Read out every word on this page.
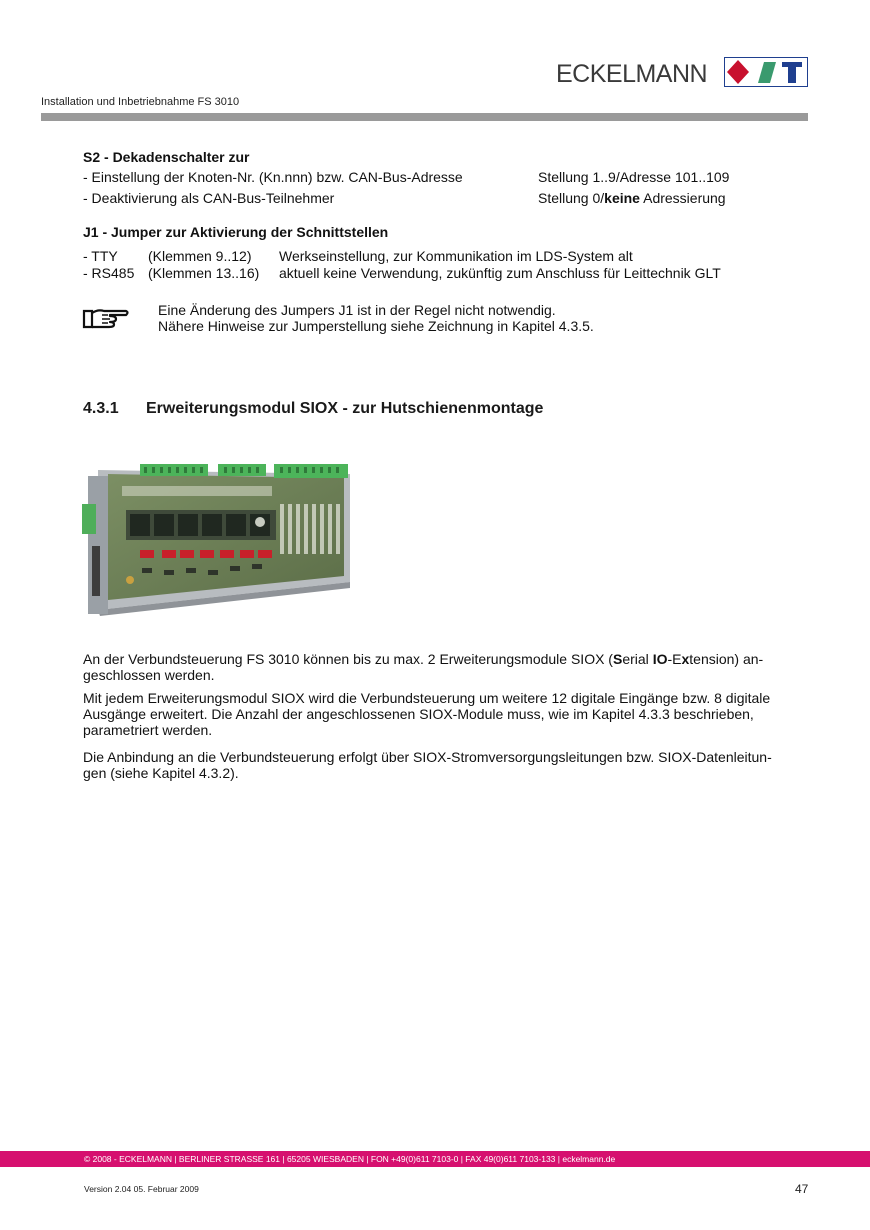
ECKELMANN
Installation und Inbetriebnahme FS 3010
S2 - Dekadenschalter zur
- Einstellung der Knoten-Nr. (Kn.nnn) bzw. CAN-Bus-Adresse	Stellung 1..9/Adresse 101..109
- Deaktivierung als CAN-Bus-Teilnehmer	Stellung 0/keine Adressierung
J1 - Jumper zur Aktivierung der Schnittstellen
- TTY (Klemmen 9..12) Werkseinstellung, zur Kommunikation im LDS-System alt
- RS485 (Klemmen 13..16) aktuell keine Verwendung, zukünftig zum Anschluss für Leittechnik GLT
Eine Änderung des Jumpers J1 ist in der Regel nicht notwendig.
Nähere Hinweise zur Jumperstellung siehe Zeichnung in Kapitel 4.3.5.
4.3.1 Erweiterungsmodul SIOX - zur Hutschienenmontage
An der Verbundsteuerung FS 3010 können bis zu max. 2 Erweiterungsmodule SIOX (Serial IO-Extension) an-
geschlossen werden.
Mit jedem Erweiterungsmodul SIOX wird die Verbundsteuerung um weitere 12 digitale Eingänge bzw. 8 digitale
Ausgänge erweitert. Die Anzahl der angeschlossenen SIOX-Module muss, wie im Kapitel 4.3.3 beschrieben,
parametriert werden.
Die Anbindung an die Verbundsteuerung erfolgt über SIOX-Stromversorgungsleitungen bzw. SIOX-Datenleitun-
gen (siehe Kapitel 4.3.2).
© 2008 - ECKELMANN | BERLINER STRASSE 161 | 65205 WIESBADEN | FON +49(0)611 7103-0 | FAX 49(0)611 7103-133 | eckelmann.de
Version 2.04 05. Februar 2009	47
